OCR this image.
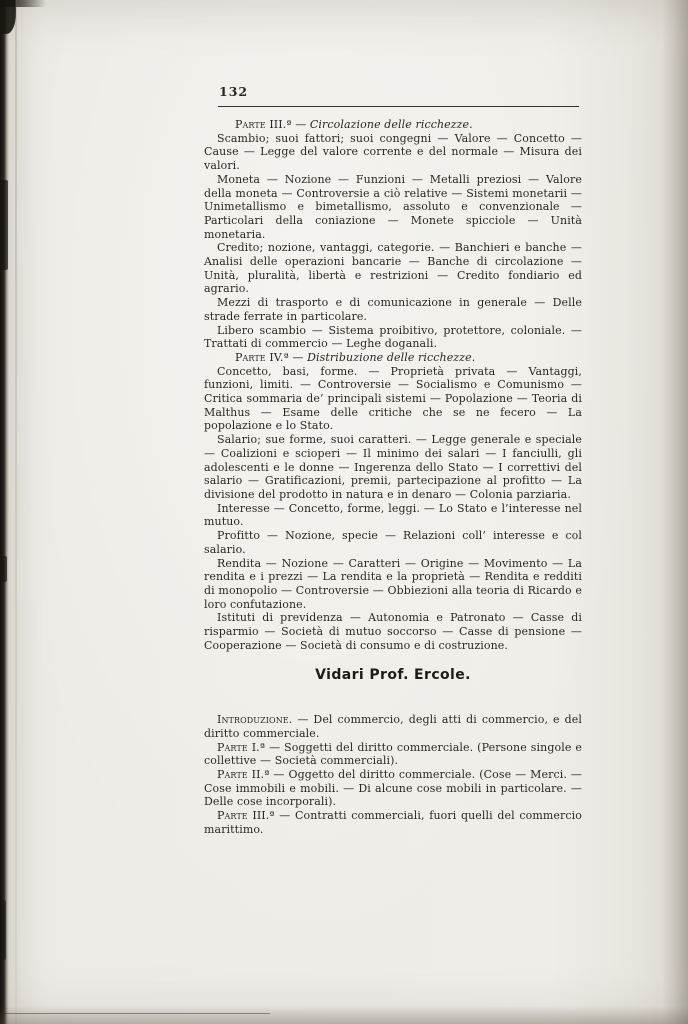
132

Parte III.ª — Circolazione delle ricchezze.

Scambio; suoi fattori; suoi congegni — Valore — Concetto — Cause — Legge del valore corrente e del normale — Misura dei valori.

Moneta — Nozione — Funzioni — Metalli preziosi — Valore della moneta — Controversie a ciò relative — Sistemi monetarii — Unimetallismo e bimetallismo, assoluto e convenzionale — Particolari della coniazione — Monete spicciole — Unità monetaria.

Credito; nozione, vantaggi, categorie. — Banchieri e banche — Analisi delle operazioni bancarie — Banche di circolazione — Unità, pluralità, libertà e restrizioni — Credito fondiario ed agrario.

Mezzi di trasporto e di comunicazione in generale — Delle strade ferrate in particolare.

Libero scambio — Sistema proibitivo, protettore, coloniale. — Trattati di commercio — Leghe doganali.

Parte IV.ª — Distribuzione delle ricchezze.

Concetto, basi, forme. — Proprietà privata — Vantaggi, funzioni, limiti. — Controversie — Socialismo e Comunismo — Critica sommaria de’ principali sistemi — Popolazione — Teoria di Malthus — Esame delle critiche che se ne fecero — La popolazione e lo Stato.

Salario; sue forme, suoi caratteri. — Legge generale e speciale — Coalizioni e scioperi — Il minimo dei salari — I fanciulli, gli adolescenti e le donne — Ingerenza dello Stato — I correttivi del salario — Gratificazioni, premii, partecipazione al profitto — La divisione del prodotto in natura e in denaro — Colonia parziaria.

Interesse — Concetto, forme, leggi. — Lo Stato e l’interesse nel mutuo.

Profitto — Nozione, specie — Relazioni coll’ interesse e col salario.

Rendita — Nozione — Caratteri — Origine — Movimento — La rendita e i prezzi — La rendita e la proprietà — Rendita e redditi di monopolio — Controversie — Obbiezioni alla teoria di Ricardo e loro confutazione.

Istituti di previdenza — Autonomia e Patronato — Casse di risparmio — Società di mutuo soccorso — Casse di pensione — Cooperazione — Società di consumo e di costruzione.

Vidari Prof. Ercole.

Introduzione. — Del commercio, degli atti di commercio, e del diritto commerciale.

Parte I.ª — Soggetti del diritto commerciale. (Persone singole e collettive — Società commerciali).

Parte II.ª — Oggetto del diritto commerciale. (Cose — Merci. — Cose immobili e mobili. — Di alcune cose mobili in particolare. — Delle cose incorporali).

Parte III.ª — Contratti commerciali, fuori quelli del commercio marittimo.
